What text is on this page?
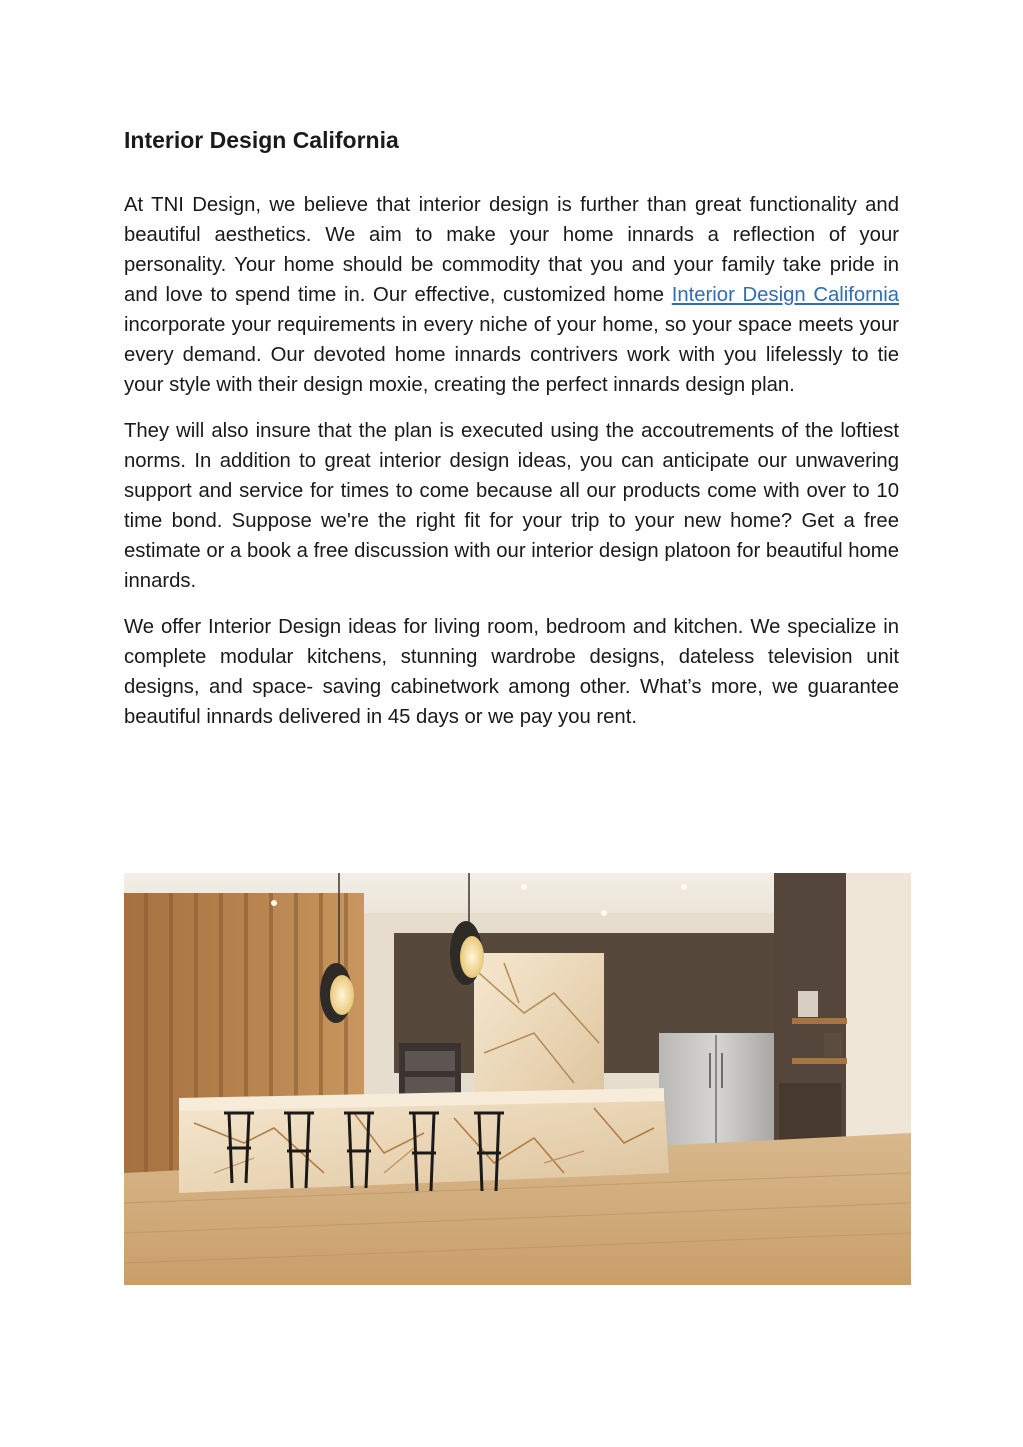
Interior Design California

At TNI Design, we believe that interior design is further than great functionality and beautiful aesthetics. We aim to make your home innards a reflection of your personality. Your home should be commodity that you and your family take pride in and love to spend time in. Our effective, customized home Interior Design California incorporate your requirements in every niche of your home, so your space meets your every demand. Our devoted home innards contrivers work with you lifelessly to tie your style with their design moxie, creating the perfect innards design plan.

They will also insure that the plan is executed using the accoutrements of the loftiest norms. In addition to great interior design ideas, you can anticipate our unwavering support and service for times to come because all our products come with over to 10 time bond. Suppose we're the right fit for your trip to your new home? Get a free estimate or a book a free discussion with our interior design platoon for beautiful home innards.

We offer Interior Design ideas for living room, bedroom and kitchen. We specialize in complete modular kitchens, stunning wardrobe designs, dateless television unit designs, and space- saving cabinetwork among other. What’s more, we guarantee beautiful innards delivered in 45 days or we pay you rent.
